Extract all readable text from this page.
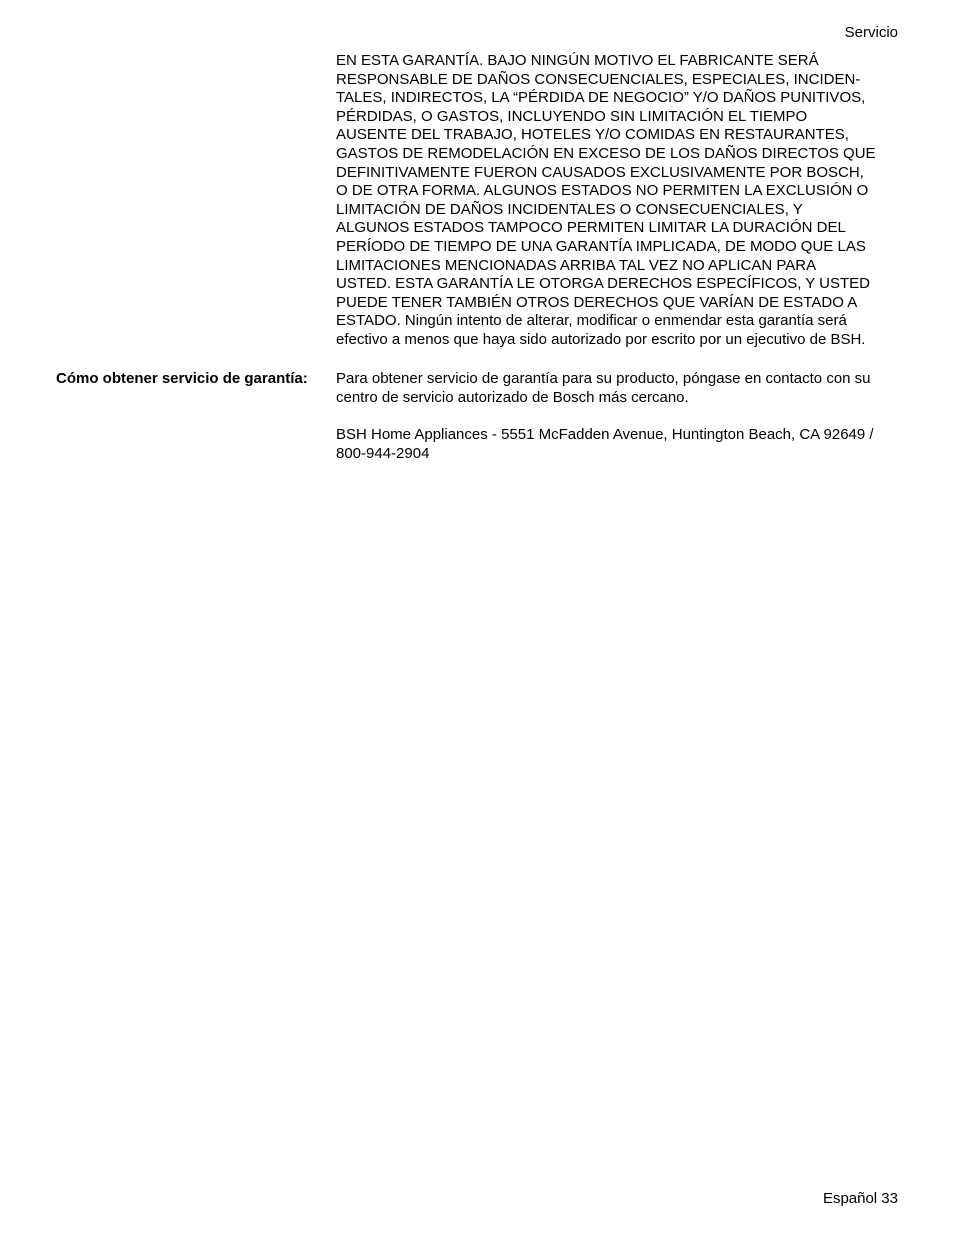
Servicio
EN ESTA GARANTÍA. BAJO NINGÚN MOTIVO EL FABRICANTE SERÁ
RESPONSABLE DE DAÑOS CONSECUENCIALES, ESPECIALES, INCIDEN-
TALES, INDIRECTOS, LA “PÉRDIDA DE NEGOCIO” Y/O DAÑOS PUNITIVOS,
PÉRDIDAS, O GASTOS, INCLUYENDO SIN LIMITACIÓN EL TIEMPO
AUSENTE DEL TRABAJO, HOTELES Y/O COMIDAS EN RESTAURANTES,
GASTOS DE REMODELACIÓN EN EXCESO DE LOS DAÑOS DIRECTOS QUE
DEFINITIVAMENTE FUERON CAUSADOS EXCLUSIVAMENTE POR BOSCH,
O DE OTRA FORMA. ALGUNOS ESTADOS NO PERMITEN LA EXCLUSIÓN O
LIMITACIÓN DE DAÑOS INCIDENTALES O CONSECUENCIALES, Y
ALGUNOS ESTADOS TAMPOCO PERMITEN LIMITAR LA DURACIÓN DEL
PERÍODO DE TIEMPO DE UNA GARANTÍA IMPLICADA, DE MODO QUE LAS
LIMITACIONES MENCIONADAS ARRIBA TAL VEZ NO APLICAN PARA
USTED. ESTA GARANTÍA LE OTORGA DERECHOS ESPECÍFICOS, Y USTED
PUEDE TENER TAMBIÉN OTROS DERECHOS QUE VARÍAN DE ESTADO A
ESTADO. Ningún intento de alterar, modificar o enmendar esta garantía será
efectivo a menos que haya sido autorizado por escrito por un ejecutivo de BSH.
Cómo obtener servicio de garantía:	Para obtener servicio de garantía para su producto, póngase en contacto con su centro de servicio autorizado de Bosch más cercano.

BSH Home Appliances - 5551 McFadden Avenue, Huntington Beach, CA 92649 / 800-944-2904

Español 33
